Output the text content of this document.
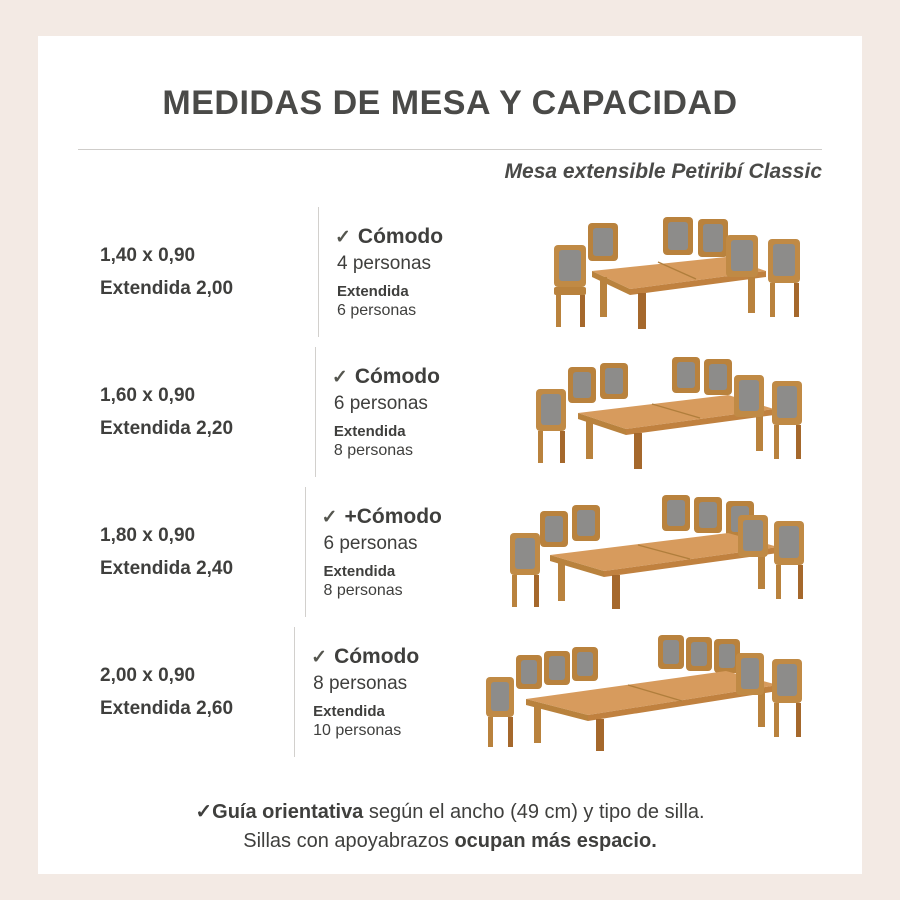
MEDIDAS DE MESA Y CAPACIDAD
Mesa extensible Petiribí Classic
1,40 x 0,90
Extendida 2,00
✓ Cómodo
4 personas
Extendida
6 personas
1,60 x 0,90
Extendida 2,20
✓ Cómodo
6 personas
Extendida
8 personas
1,80 x 0,90
Extendida 2,40
✓ +Cómodo
6 personas
Extendida
8 personas
2,00 x 0,90
Extendida 2,60
✓ Cómodo
8 personas
Extendida
10 personas
✓Guía orientativa según el ancho (49 cm) y tipo de silla.
Sillas con apoyabrazos ocupan más espacio.
